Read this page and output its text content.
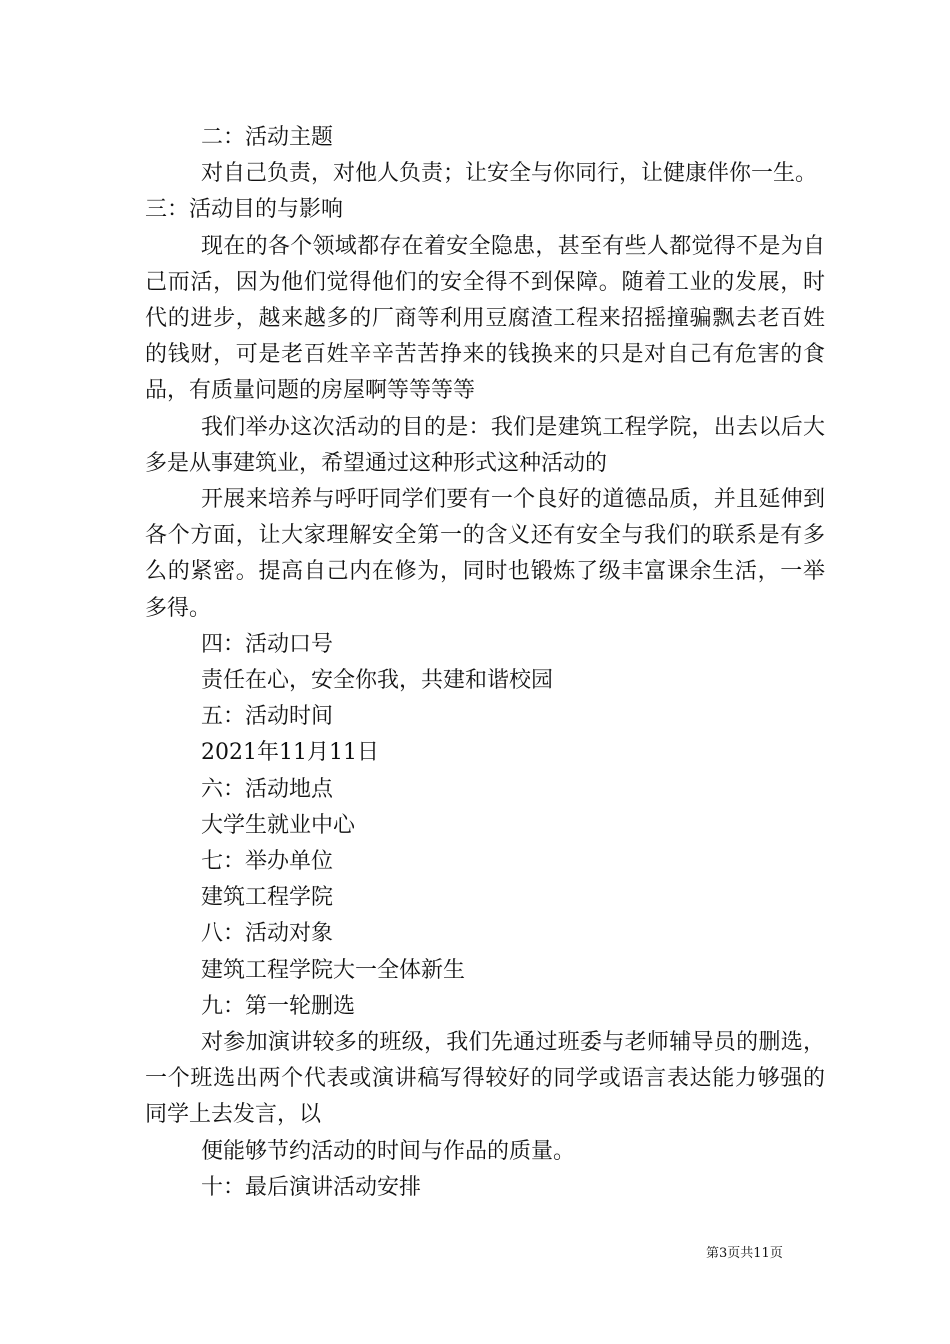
二：活动主题

对自己负责，对他人负责；让安全与你同行，让健康伴你一生。

三：活动目的与影响

现在的各个领域都存在着安全隐患，甚至有些人都觉得不是为自己而活，因为他们觉得他们的安全得不到保障。随着工业的发展，时代的进步，越来越多的厂商等利用豆腐渣工程来招摇撞骗飘去老百姓的钱财，可是老百姓辛辛苦苦挣来的钱换来的只是对自己有危害的食品，有质量问题的房屋啊等等等等

我们举办这次活动的目的是：我们是建筑工程学院，出去以后大多是从事建筑业，希望通过这种形式这种活动的

开展来培养与呼吁同学们要有一个良好的道德品质，并且延伸到各个方面，让大家理解安全第一的含义还有安全与我们的联系是有多么的紧密。提高自己内在修为，同时也锻炼了级丰富课余生活，一举多得。

四：活动口号

责任在心，安全你我，共建和谐校园

五：活动时间

2021年11月11日

六：活动地点

大学生就业中心

七：举办单位

建筑工程学院

八：活动对象

建筑工程学院大一全体新生

九：第一轮删选

对参加演讲较多的班级，我们先通过班委与老师辅导员的删选，一个班选出两个代表或演讲稿写得较好的同学或语言表达能力够强的同学上去发言，以

便能够节约活动的时间与作品的质量。

十：最后演讲活动安排

第3页共11页
